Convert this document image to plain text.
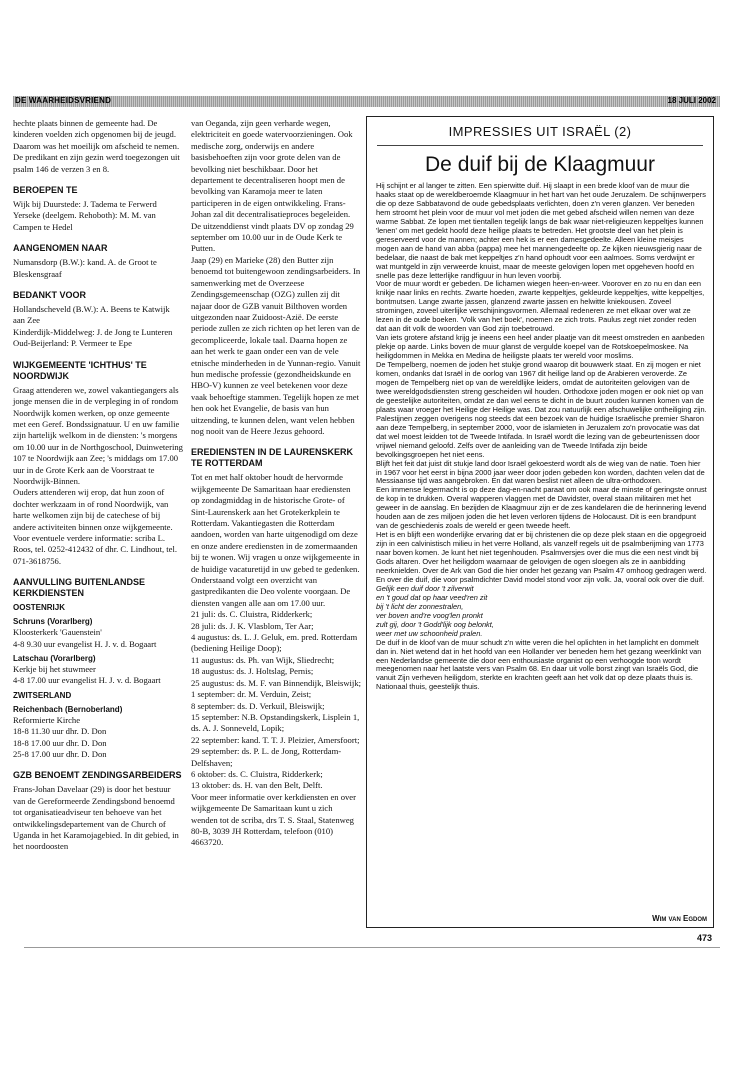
DE WAARHEIDSVRIEND	18 JULI 2002

hechte plaats binnen de gemeente had. De kinderen voelden zich opgenomen bij de jeugd. Daarom was het moeilijk om afscheid te nemen. De predikant en zijn gezin werd toegezongen uit psalm 146 de verzen 3 en 8.

BEROEPEN TE

Wijk bij Duurstede: J. Tadema te Ferwerd

Yerseke (deelgem. Rehoboth): M. M. van Campen te Hedel

AANGENOMEN NAAR

Numansdorp (B.W.): kand. A. de Groot te Bleskensgraaf

BEDANKT VOOR

Hollandscheveld (B.W.): A. Beens te Katwijk aan Zee

Kinderdijk-Middelweg: J. de Jong te Lunteren

Oud-Beijerland: P. Vermeer te Epe

WIJKGEMEENTE 'ICHTHUS' TE NOORDWIJK

Graag attenderen we, zowel vakantiegangers als jonge mensen die in de verpleging in of rondom Noordwijk komen werken, op onze gemeente met een Geref. Bondssignatuur. U en uw familie zijn hartelijk welkom in de diensten: 's morgens om 10.00 uur in de Northgoschool, Duinwetering 107 te Noordwijk aan Zee; 's middags om 17.00 uur in de Grote Kerk aan de Voorstraat te Noordwijk-Binnen.

Ouders attenderen wij erop, dat hun zoon of dochter werkzaam in of rond Noordwijk, van harte welkomen zijn bij de catechese of bij andere activiteiten binnen onze wijkgemeente.

Voor eventuele verdere informatie: scriba L. Roos, tel. 0252-412432 of dhr. C. Lindhout, tel. 071-3618756.

AANVULLING BUITENLANDSE KERKDIENSTEN
OOSTENRIJK
Schruns (Vorarlberg)

Kloosterkerk 'Gauenstein'

4-8 9.30 uur evangelist H. J. v. d. Bogaart

Latschau (Vorarlberg)

Kerkje bij het stuwmeer

4-8 17.00 uur evangelist H. J. v. d. Bogaart

ZWITSERLAND
Reichenbach (Bernoberland)

Reformierte Kirche

18-8 11.30 uur dhr. D. Don

18-8 17.00 uur dhr. D. Don

25-8 17.00 uur dhr. D. Don

GZB BENOEMT ZENDINGSARBEIDERS

Frans-Johan Davelaar (29) is door het bestuur van de Gereformeerde Zendingsbond benoemd tot organisatieadviseur ten behoeve van het ontwikkelingsdepartement van de Church of Uganda in het Karamojagebied. In dit gebied, in het noordoosten

van Oeganda, zijn geen verharde wegen, elektriciteit en goede watervoorzieningen. Ook medische zorg, onderwijs en andere basisbehoeften zijn voor grote delen van de bevolking niet beschikbaar. Door het departement te decentraliseren hoopt men de bevolking van Karamoja meer te laten participeren in de eigen ontwikkeling. Frans-Johan zal dit decentralisatieproces begeleiden. De uitzenddienst vindt plaats DV op zondag 29 september om 10.00 uur in de Oude Kerk te Putten.

Jaap (29) en Marieke (28) den Butter zijn benoemd tot buitengewoon zendingsarbeiders. In samenwerking met de Overzeese Zendingsgemeenschap (OZG) zullen zij dit najaar door de GZB vanuit Bilthoven worden uitgezonden naar Zuidoost-Azië. De eerste periode zullen ze zich richten op het leren van de gecompliceerde, lokale taal. Daarna hopen ze aan het werk te gaan onder een van de vele etnische minderheden in de Yunnan-regio. Vanuit hun medische professie (gezondheidskunde en HBO-V) kunnen ze veel betekenen voor deze vaak behoeftige stammen. Tegelijk hopen ze met hen ook het Evangelie, de basis van hun uitzending, te kunnen delen, want velen hebben nog nooit van de Heere Jezus gehoord.

EREDIENSTEN IN DE LAURENSKERK TE ROTTERDAM

Tot en met half oktober houdt de hervormde wijkgemeente De Samaritaan haar erediensten op zondagmiddag in de historische Grote- of Sint-Laurenskerk aan het Grotekerkplein te Rotterdam. Vakantiegasten die Rotterdam aandoen, worden van harte uitgenodigd om deze en onze andere erediensten in de zomermaanden bij te wonen. Wij vragen u onze wijkgemeente in de huidige vacaturetijd in uw gebed te gedenken. Onderstaand volgt een overzicht van gastpredikanten die Deo volente voorgaan. De diensten vangen alle aan om 17.00 uur.

21 juli: ds. C. Cluistra, Ridderkerk;

28 juli: ds. J. K. Vlasblom, Ter Aar;

4 augustus: ds. L. J. Geluk, em. pred. Rotterdam (bediening Heilige Doop);

11 augustus: ds. Ph. van Wijk, Sliedrecht;

18 augustus: ds. J. Holtslag, Pernis;

25 augustus: ds. M. F. van Binnendijk, Bleiswijk;

1 september: dr. M. Verduin, Zeist;

8 september: ds. D. Verkuil, Bleiswijk;

15 september: N.B. Opstandingskerk, Lisplein 1, ds. A. J. Sonneveld, Lopik;

22 september: kand. T. T. J. Pleizier, Amersfoort;

29 september: ds. P. L. de Jong, Rotterdam-Delfshaven;

6 oktober: ds. C. Cluistra, Ridderkerk;

13 oktober: ds. H. van den Belt, Delft.

Voor meer informatie over kerkdiensten en over wijkgemeente De Samaritaan kunt u zich wenden tot de scriba, drs T. S. Staal, Statenweg 80-B, 3039 JH Rotterdam, telefoon (010) 4663720.

IMPRESSIES UIT ISRAËL (2)
De duif bij de Klaagmuur

Hij schijnt er al langer te zitten. Een spierwitte duif. Hij slaapt in een brede kloof van de muur die haaks staat op de wereldberoemde Klaagmuur in het hart van het oude Jeruzalem. De schijnwerpers die op deze Sabbatavond de oude gebedsplaats verlichten, doen z'n veren glanzen. Ver beneden hem stroomt het plein voor de muur vol met joden die met gebed afscheid willen nemen van deze warme Sabbat. Ze lopen met tientallen tegelijk langs de bak waar niet-religieuzen keppeltjes kunnen 'lenen' om met gedekt hoofd deze heilige plaats te betreden. Het grootste deel van het plein is gereserveerd voor de mannen; achter een hek is er een damesgedeelte. Alleen kleine meisjes mogen aan de hand van abba (pappa) mee het mannengedeelte op. Ze kijken nieuwsgierig naar de bedelaar, die naast de bak met keppeltjes z'n hand ophoudt voor een aalmoes. Soms verdwijnt er wat muntgeld in zijn verweerde knuist, maar de meeste gelovigen lopen met opgeheven hoofd en snelle pas deze letterlijke randfiguur in hun leven voorbij.

Voor de muur wordt er gebeden. De lichamen wiegen heen-en-weer. Voorover en zo nu en dan een knikje naar links en rechts. Zwarte hoeden, zwarte keppeltjes, gekleurde keppeltjes, witte keppeltjes, bontmutsen. Lange zwarte jassen, glanzend zwarte jassen en helwitte kniekousen. Zoveel stromingen, zoveel uiterlijke verschijningsvormen. Allemaal redeneren ze met elkaar over wat ze lezen in de oude boeken. 'Volk van het boek', noemen ze zich trots. Paulus zegt niet zonder reden dat aan dit volk de woorden van God zijn toebetrouwd.

Van iets grotere afstand krijg je ineens een heel ander plaatje van dit meest omstreden en aanbeden plekje op aarde. Links boven de muur glanst de vergulde koepel van de Rotskoepelmoskee. Na heiligdommen in Mekka en Medina de heiligste plaats ter wereld voor moslims.

De Tempelberg, noemen de joden het stukje grond waarop dit bouwwerk staat. En zij mogen er niet komen, ondanks dat Israël in de oorlog van 1967 dit heilige land op de Arabieren veroverde. Ze mogen de Tempelberg niet op van de wereldlijke leiders, omdat de autoriteiten gelovigen van de twee wereldgodsdiensten streng gescheiden wil houden. Orthodoxe joden mogen er ook niet op van de geestelijke autoriteiten, omdat ze dan wel eens te dicht in de buurt zouden kunnen komen van de plaats waar vroeger het Heilige der Heilige was. Dat zou natuurlijk een afschuwelijke ontheiliging zijn.

Palestijnen zeggen overigens nog steeds dat een bezoek van de huidige Israëlische premier Sharon aan deze Tempelberg, in september 2000, voor de islamieten in Jeruzalem zo'n provocatie was dat dat wel moest leidden tot de Tweede Intifada. In Israël wordt die lezing van de gebeurtenissen door vrijwel niemand geloofd. Zelfs over de aanleiding van de Tweede Intifada zijn beide bevolkingsgroepen het niet eens.

Blijft het feit dat juist dit stukje land door Israël gekoesterd wordt als de wieg van de natie. Toen hier in 1967 voor het eerst in bijna 2000 jaar weer door joden gebeden kon worden, dachten velen dat de Messiaanse tijd was aangebroken. En dat waren beslist niet alleen de ultra-orthodoxen.

Een immense legermacht is op deze dag-en-nacht paraat om ook maar de minste of geringste onrust de kop in te drukken. Overal wapperen vlaggen met de Davidster, overal staan militairen met het geweer in de aanslag. En bezijden de Klaagmuur zijn er de zes kandelaren die de herinnering levend houden aan de zes miljoen joden die het leven verloren tijdens de Holocaust. Dit is een brandpunt van de geschiedenis zoals de wereld er geen tweede heeft.

Het is en blijft een wonderlijke ervaring dat er bij christenen die op deze plek staan en die opgegroeid zijn in een calvinistisch milieu in het verre Holland, als vanzelf regels uit de psalmberijming van 1773 naar boven komen. Je kunt het niet tegenhouden. Psalmversjes over die mus die een nest vindt bij Gods altaren. Over het heiligdom waarnaar de gelovigen de ogen sloegen als ze in aanbidding neerknielden. Over de Ark van God die hier onder het gezang van Psalm 47 omhoog gedragen werd. En over die duif, die voor psalmdichter David model stond voor zijn volk. Ja, vooral ook over die duif.

Gelijk een duif door 't zilverwit

en 't goud dat op haar veed'ren zit

bij 't licht der zonnestralen,

ver boven and're voog'len pronkt

zult gij, door 't Godd'lijk oog belonkt,

weer met uw schoonheid pralen.

De duif in de kloof van de muur schudt z'n witte veren die hel oplichten in het lamplicht en dommelt dan in. Niet wetend dat in het hoofd van een Hollander ver beneden hem het gezang weerklinkt van een Nederlandse gemeente die door een enthousiaste organist op een verhoogde toon wordt meegenomen naar het laatste vers van Psalm 68. En daar uit volle borst zingt van Israëls God, die vanuit Zijn verheven heiligdom, sterkte en krachten geeft aan het volk dat op deze plaats thuis is. Nationaal thuis, geestelijk thuis.

Wim van Egdom
473
